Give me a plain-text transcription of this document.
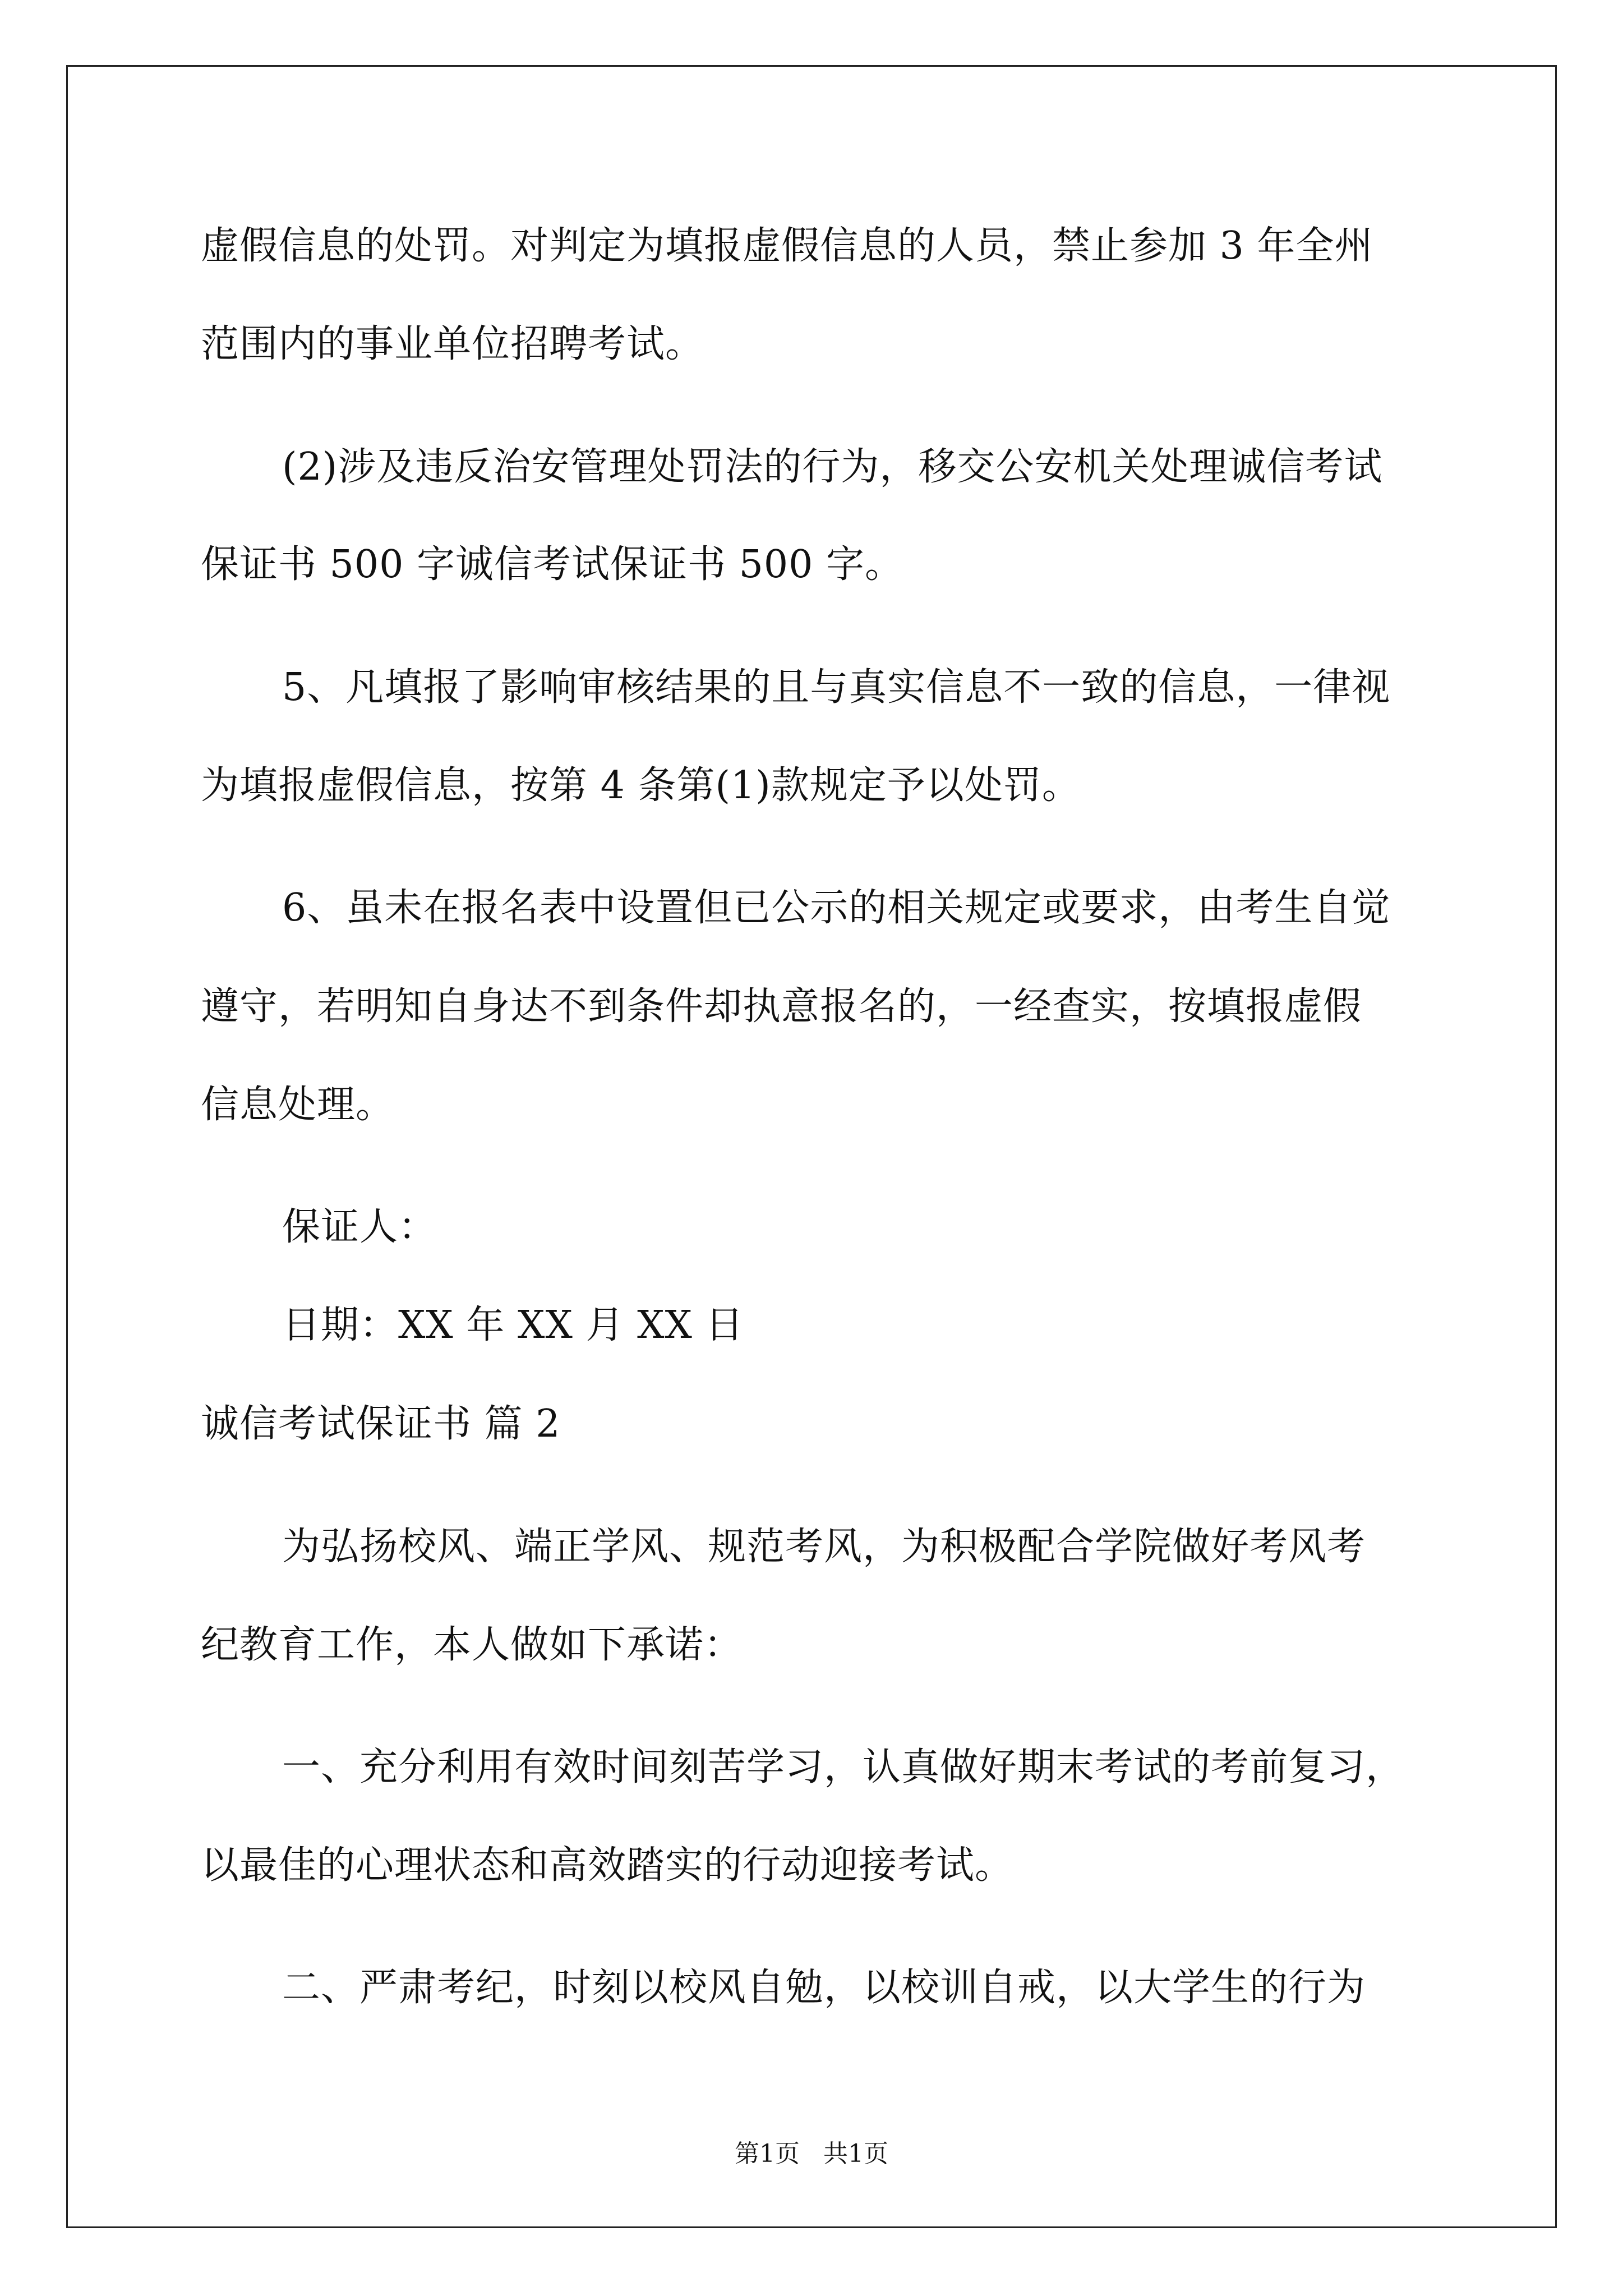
虚假信息的处罚。对判定为填报虚假信息的人员，禁止参加 3 年全州
范围内的事业单位招聘考试。
(2)涉及违反治安管理处罚法的行为，移交公安机关处理诚信考试
保证书 500 字诚信考试保证书 500 字。
5、凡填报了影响审核结果的且与真实信息不一致的信息，一律视
为填报虚假信息，按第 4 条第(1)款规定予以处罚。
6、虽未在报名表中设置但已公示的相关规定或要求，由考生自觉
遵守，若明知自身达不到条件却执意报名的，一经查实，按填报虚假
信息处理。
保证人：
日期：XX 年 XX 月 XX 日
诚信考试保证书 篇 2
为弘扬校风、端正学风、规范考风，为积极配合学院做好考风考
纪教育工作，本人做如下承诺：
一、充分利用有效时间刻苦学习，认真做好期末考试的考前复习，
以最佳的心理状态和高效踏实的行动迎接考试。
二、严肃考纪，时刻以校风自勉，以校训自戒，以大学生的行为
第1页   共1页
